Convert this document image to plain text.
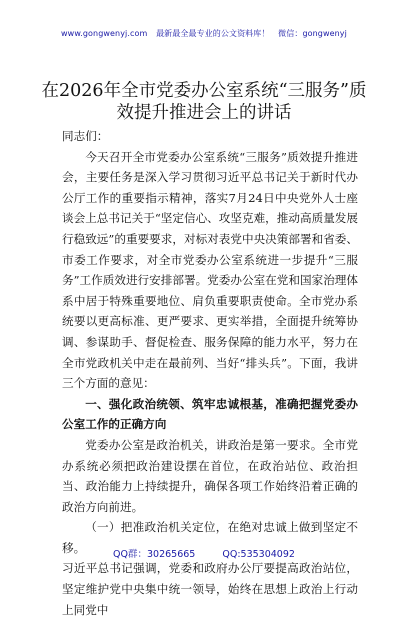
www.gongwenyj.com 最新最全最专业的公文资料库！ 微信：gongwenyj
在2026年全市党委办公室系统“三服务”质
效提升推进会上的讲话

同志们：

今天召开全市党委办公室系统“三服务”质效提升推进会，主要任务是深入学习贯彻习近平总书记关于新时代办公厅工作的重要指示精神，落实7月24日中央党外人士座谈会上总书记关于“坚定信心、攻坚克难，推动高质量发展行稳致远”的重要要求，对标对表党中央决策部署和省委、市委工作要求，对全市党委办公室系统进一步提升“三服务”工作质效进行安排部署。党委办公室在党和国家治理体系中居于特殊重要地位、肩负重要职责使命。全市党办系统要以更高标准、更严要求、更实举措，全面提升统筹协调、参谋助手、督促检查、服务保障的能力水平，努力在全市党政机关中走在最前列、当好“排头兵”。下面，我讲三个方面的意见：

一、强化政治统领、筑牢忠诚根基，准确把握党委办公室工作的正确方向

党委办公室是政治机关，讲政治是第一要求。全市党办系统必须把政治建设摆在首位，在政治站位、政治担当、政治能力上持续提升，确保各项工作始终沿着正确的政治方向前进。

（一）把准政治机关定位，在绝对忠诚上做到坚定不移。

习近平总书记强调，党委和政府办公厅要提高政治站位，坚定维护党中央集中统一领导，始终在思想上政治上行动上同党中

QQ群：30265665	QQ:535304092
